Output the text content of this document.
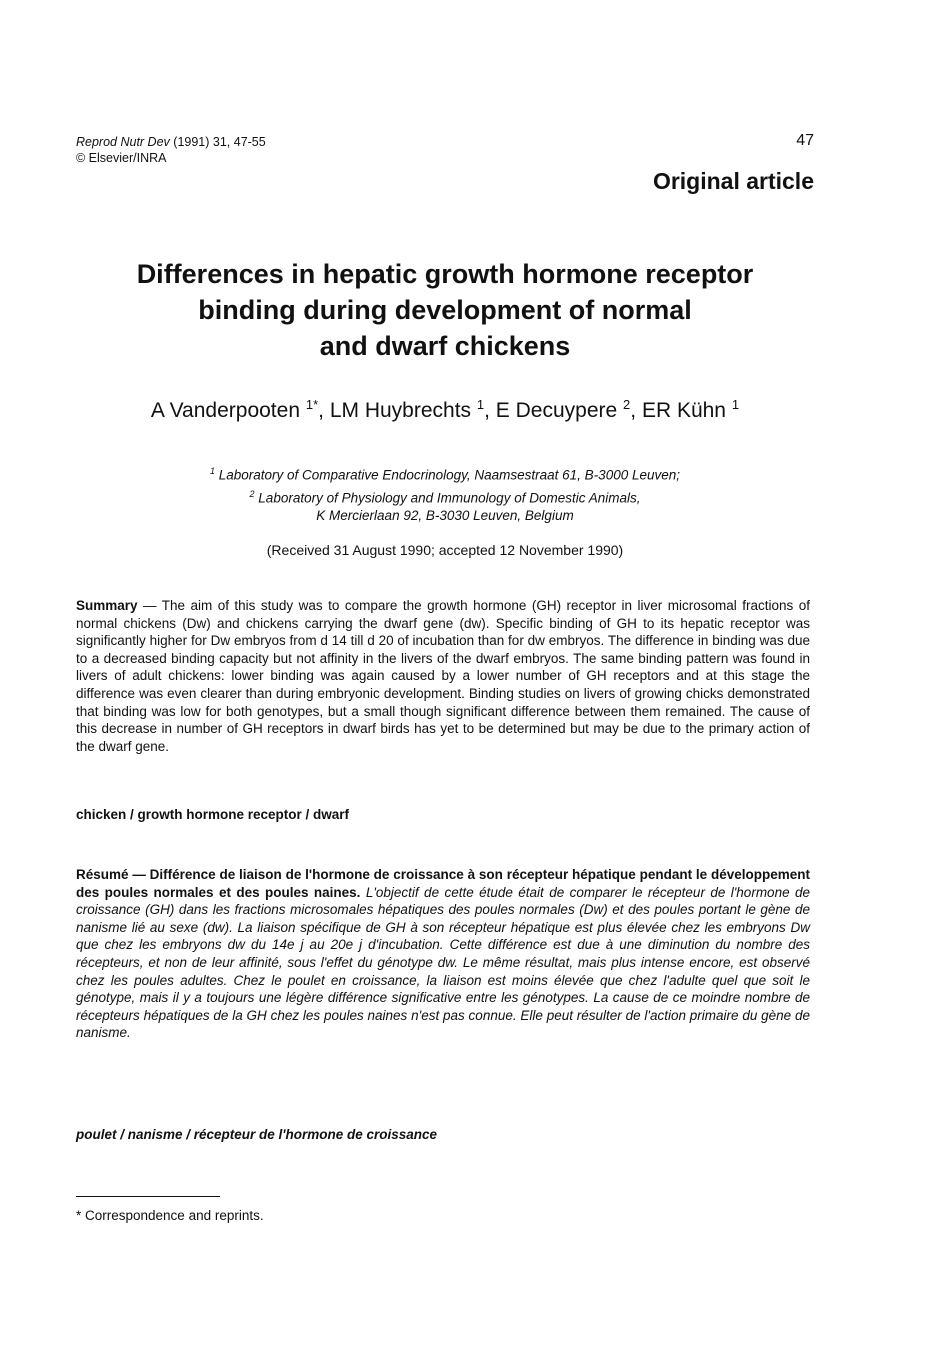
Reprod Nutr Dev (1991) 31, 47-55
© Elsevier/INRA
47
Original article
Differences in hepatic growth hormone receptor
binding during development of normal
and dwarf chickens
A Vanderpooten $^{1*}$, LM Huybrechts $^1$, E Decuypere $^2$, ER Kühn $^1$
$^1$ Laboratory of Comparative Endocrinology, Naamsestraat 61, B-3000 Leuven;
$^2$ Laboratory of Physiology and Immunology of Domestic Animals,
K Mercierlaan 92, B-3030 Leuven, Belgium
(Received 31 August 1990; accepted 12 November 1990)
Summary — The aim of this study was to compare the growth hormone (GH) receptor in liver microsomal fractions of normal chickens (Dw) and chickens carrying the dwarf gene (dw). Specific binding of GH to its hepatic receptor was significantly higher for Dw embryos from d 14 till d 20 of incubation than for dw embryos. The difference in binding was due to a decreased binding capacity but not affinity in the livers of the dwarf embryos. The same binding pattern was found in livers of adult chickens: lower binding was again caused by a lower number of GH receptors and at this stage the difference was even clearer than during embryonic development. Binding studies on livers of growing chicks demonstrated that binding was low for both genotypes, but a small though significant difference between them remained. The cause of this decrease in number of GH receptors in dwarf birds has yet to be determined but may be due to the primary action of the dwarf gene.
chicken / growth hormone receptor / dwarf
Résumé — Différence de liaison de l'hormone de croissance à son récepteur hépatique pendant le développement des poules normales et des poules naines. L'objectif de cette étude était de comparer le récepteur de l'hormone de croissance (GH) dans les fractions microsomales hépatiques des poules normales (Dw) et des poules portant le gène de nanisme lié au sexe (dw). La liaison spécifique de GH à son récepteur hépatique est plus élevée chez les embryons Dw que chez les embryons dw du 14e j au 20e j d'incubation. Cette différence est due à une diminution du nombre des récepteurs, et non de leur affinité, sous l'effet du génotype dw. Le même résultat, mais plus intense encore, est observé chez les poules adultes. Chez le poulet en croissance, la liaison est moins élevée que chez l'adulte quel que soit le génotype, mais il y a toujours une légère différence significative entre les génotypes. La cause de ce moindre nombre de récepteurs hépatiques de la GH chez les poules naines n'est pas connue. Elle peut résulter de l'action primaire du gène de nanisme.
poulet / nanisme / récepteur de l'hormone de croissance
* Correspondence and reprints.
